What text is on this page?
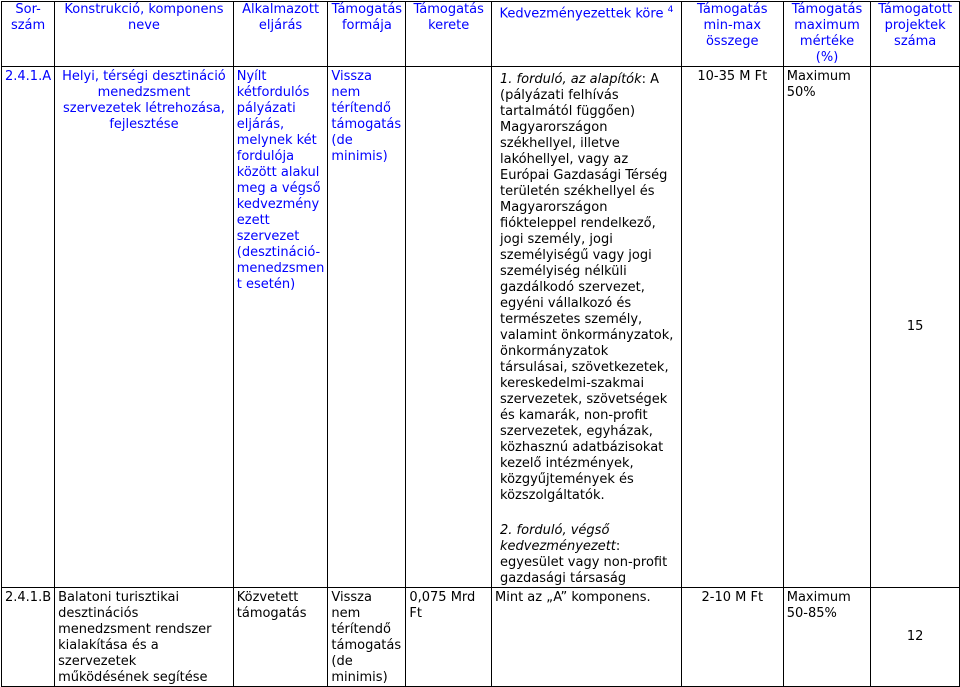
Sor-szám	Konstrukció, komponens neve	Alkalmazott eljárás	Támogatás formája	Támogatás kerete	Kedvezményezettek köre $^4$	Támogatás min-max összege	Támogatás maximum mértéke (%)	Támogatott projektek száma
2.4.1.A	Helyi, térségi desztináció menedzsment szervezetek létrehozása, fejlesztése	Nyílt kétfordulós pályázati eljárás, melynek két fordulója között alakul meg a végső kedvezmény ezett szervezet (desztináció-menedzsmen t esetén)	Vissza nem térítendő támogatás (de minimis)		1. forduló, az alapítók: A (pályázati felhívás tartalmától függően) Magyarországon székhellyel, illetve lakóhellyel, vagy az Európai Gazdasági Térség területén székhellyel és Magyarországon fiókteleppel rendelkező, jogi személy, jogi személyiségű vagy jogi személyiség nélküli gazdálkodó szervezet, egyéni vállalkozó és természetes személy, valamint önkormányzatok, önkormányzatok társulásai, szövetkezetek, kereskedelmi-szakmai szervezetek, szövetségek és kamarák, non-profit szervezetek, egyházak, közhasznú adatbázisokat kezelő intézmények, közgyűjtemények és közszolgáltatók.
2. forduló, végső kedvezményezett: egyesület vagy non-profit gazdasági társaság	10-35 M Ft	Maximum 50%	15
2.4.1.B	Balatoni turisztikai desztinációs menedzsment rendszer kialakítása és a szervezetek működésének segítése	Közvetett támogatás	Vissza nem térítendő támogatás (de minimis)	0,075 Mrd Ft	Mint az „A” komponens.	2-10 M Ft	Maximum 50-85%	12
